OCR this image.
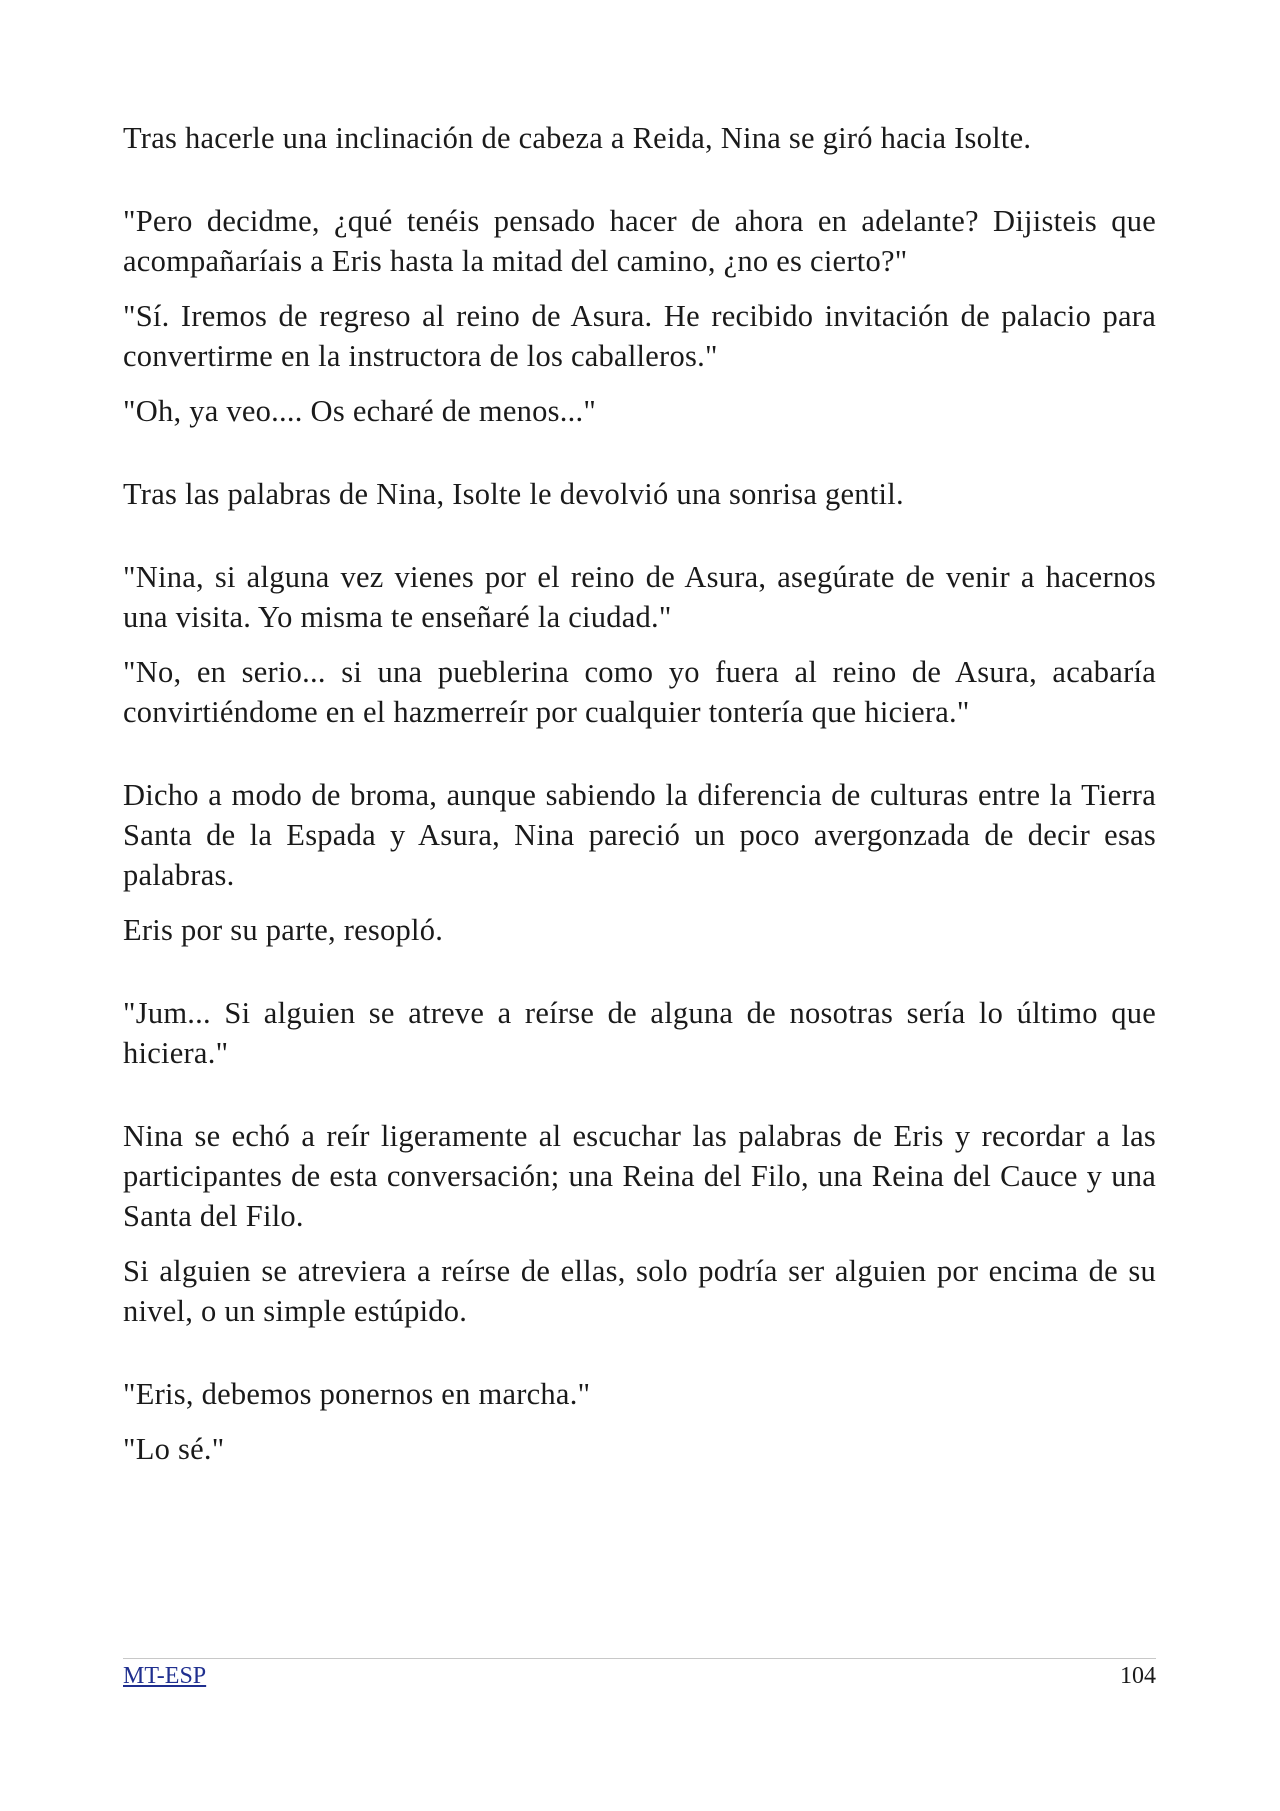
Tras hacerle una inclinación de cabeza a Reida, Nina se giró hacia Isolte.

"Pero decidme, ¿qué tenéis pensado hacer de ahora en adelante? Dijisteis que acompañaríais a Eris hasta la mitad del camino, ¿no es cierto?"

"Sí. Iremos de regreso al reino de Asura. He recibido invitación de palacio para convertirme en la instructora de los caballeros."

"Oh, ya veo.... Os echaré de menos..."

Tras las palabras de Nina, Isolte le devolvió una sonrisa gentil.

"Nina, si alguna vez vienes por el reino de Asura, asegúrate de venir a hacernos una visita. Yo misma te enseñaré la ciudad."

"No, en serio... si una pueblerina como yo fuera al reino de Asura, acabaría convirtiéndome en el hazmerreír por cualquier tontería que hiciera."

Dicho a modo de broma, aunque sabiendo la diferencia de culturas entre la Tierra Santa de la Espada y Asura, Nina pareció un poco avergonzada de decir esas palabras.

Eris por su parte, resopló.

"Jum... Si alguien se atreve a reírse de alguna de nosotras sería lo último que hiciera."

Nina se echó a reír ligeramente al escuchar las palabras de Eris y recordar a las participantes de esta conversación; una Reina del Filo, una Reina del Cauce y una Santa del Filo.

Si alguien se atreviera a reírse de ellas, solo podría ser alguien por encima de su nivel, o un simple estúpido.

"Eris, debemos ponernos en marcha."

"Lo sé."

MT-ESP	104
